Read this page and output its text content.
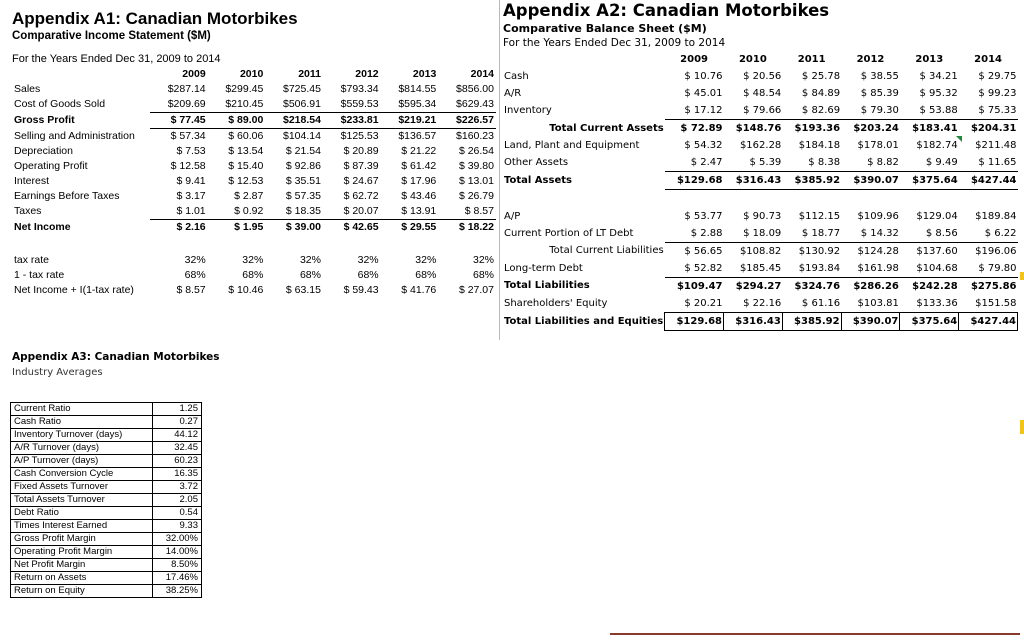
Appendix A1: Canadian Motorbikes
Comparative Income Statement ($M)
For the Years Ended Dec 31, 2009 to 2014
	2009	2010	2011	2012	2013	2014
Sales	$287.14	$299.45	$725.45	$793.34	$814.55	$856.00
Cost of Goods Sold	$209.69	$210.45	$506.91	$559.53	$595.34	$629.43
Gross Profit	$ 77.45	$ 89.00	$218.54	$233.81	$219.21	$226.57
Selling and Administration	$ 57.34	$ 60.06	$104.14	$125.53	$136.57	$160.23
Depreciation	$ 7.53	$ 13.54	$ 21.54	$ 20.89	$ 21.22	$ 26.54
Operating Profit	$ 12.58	$ 15.40	$ 92.86	$ 87.39	$ 61.42	$ 39.80
Interest	$ 9.41	$ 12.53	$ 35.51	$ 24.67	$ 17.96	$ 13.01
Earnings Before Taxes	$ 3.17	$ 2.87	$ 57.35	$ 62.72	$ 43.46	$ 26.79
Taxes	$ 1.01	$ 0.92	$ 18.35	$ 20.07	$ 13.91	$ 8.57
Net Income	$ 2.16	$ 1.95	$ 39.00	$ 42.65	$ 29.55	$ 18.22

tax rate	32%	32%	32%	32%	32%	32%
1 - tax rate	68%	68%	68%	68%	68%	68%
Net Income + I(1-tax rate)	$ 8.57	$ 10.46	$ 63.15	$ 59.43	$ 41.76	$ 27.07
Appendix A2: Canadian Motorbikes
Comparative Balance Sheet ($M)
For the Years Ended Dec 31, 2009 to 2014
	2009	2010	2011	2012	2013	2014
Cash	$ 10.76	$ 20.56	$ 25.78	$ 38.55	$ 34.21	$ 29.75
A/R	$ 45.01	$ 48.54	$ 84.89	$ 85.39	$ 95.32	$ 99.23
Inventory	$ 17.12	$ 79.66	$ 82.69	$ 79.30	$ 53.88	$ 75.33
Total Current Assets	$ 72.89	$148.76	$193.36	$203.24	$183.41	$204.31
Land, Plant and Equipment	$ 54.32	$162.28	$184.18	$178.01	$182.74	$211.48
Other Assets	$ 2.47	$ 5.39	$ 8.38	$ 8.82	$ 9.49	$ 11.65
Total Assets	$129.68	$316.43	$385.92	$390.07	$375.64	$427.44

A/P	$ 53.77	$ 90.73	$112.15	$109.96	$129.04	$189.84
Current Portion of LT Debt	$ 2.88	$ 18.09	$ 18.77	$ 14.32	$ 8.56	$ 6.22
Total Current Liabilities	$ 56.65	$108.82	$130.92	$124.28	$137.60	$196.06
Long-term Debt	$ 52.82	$185.45	$193.84	$161.98	$104.68	$ 79.80
Total Liabilities	$109.47	$294.27	$324.76	$286.26	$242.28	$275.86
Shareholders' Equity	$ 20.21	$ 22.16	$ 61.16	$103.81	$133.36	$151.58
Total Liabilities and Equities	$129.68	$316.43	$385.92	$390.07	$375.64	$427.44
Appendix A3: Canadian Motorbikes
Industry Averages
Current Ratio	1.25
Cash Ratio	0.27
Inventory Turnover (days)	44.12
A/R Turnover (days)	32.45
A/P Turnover (days)	60.23
Cash Conversion Cycle	16.35
Fixed Assets Turnover	3.72
Total Assets Turnover	2.05
Debt Ratio	0.54
Times Interest Earned	9.33
Gross Profit Margin	32.00%
Operating Profit Margin	14.00%
Net Profit Margin	8.50%
Return on Assets	17.46%
Return on Equity	38.25%
